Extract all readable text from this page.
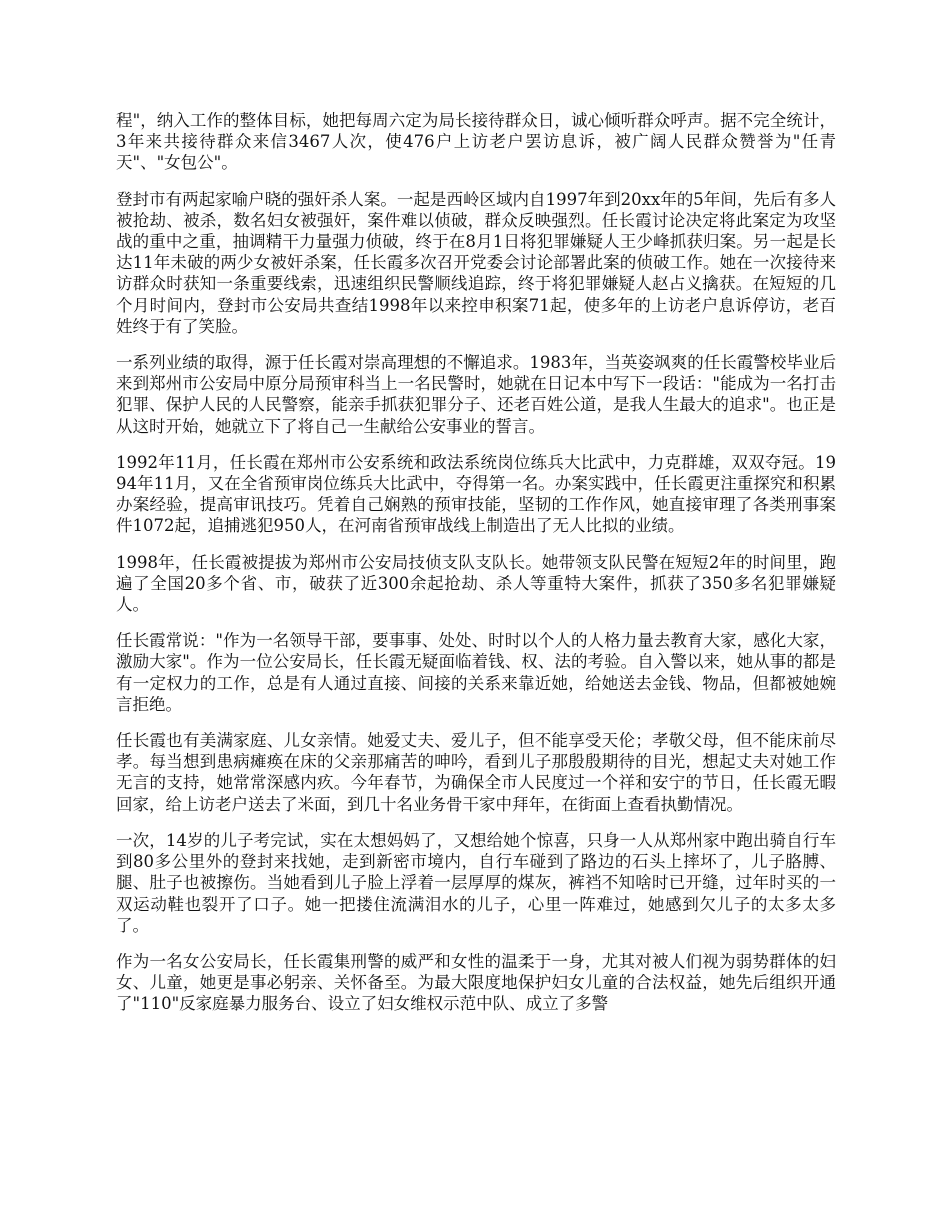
程"，纳入工作的整体目标，她把每周六定为局长接待群众日，诚心倾听群众呼声。据不完全统计，3年来共接待群众来信3467人次，使476户上访老户罢访息诉，被广阔人民群众赞誉为"任青天"、"女包公"。

登封市有两起家喻户晓的强奸杀人案。一起是西岭区域内自1997年到20xx年的5年间，先后有多人被抢劫、被杀，数名妇女被强奸，案件难以侦破，群众反映强烈。任长霞讨论决定将此案定为攻坚战的重中之重，抽调精干力量强力侦破，终于在8月1日将犯罪嫌疑人王少峰抓获归案。另一起是长达11年未破的两少女被奸杀案，任长霞多次召开党委会讨论部署此案的侦破工作。她在一次接待来访群众时获知一条重要线索，迅速组织民警顺线追踪，终于将犯罪嫌疑人赵占义擒获。在短短的几个月时间内，登封市公安局共查结1998年以来控申积案71起，使多年的上访老户息诉停访，老百姓终于有了笑脸。

一系列业绩的取得，源于任长霞对崇高理想的不懈追求。1983年，当英姿飒爽的任长霞警校毕业后来到郑州市公安局中原分局预审科当上一名民警时，她就在日记本中写下一段话："能成为一名打击犯罪、保护人民的人民警察，能亲手抓获犯罪分子、还老百姓公道，是我人生最大的追求"。也正是从这时开始，她就立下了将自己一生献给公安事业的誓言。

1992年11月，任长霞在郑州市公安系统和政法系统岗位练兵大比武中，力克群雄，双双夺冠。1994年11月，又在全省预审岗位练兵大比武中，夺得第一名。办案实践中，任长霞更注重探究和积累办案经验，提高审讯技巧。凭着自己娴熟的预审技能，坚韧的工作作风，她直接审理了各类刑事案件1072起，追捕逃犯950人，在河南省预审战线上制造出了无人比拟的业绩。

1998年，任长霞被提拔为郑州市公安局技侦支队支队长。她带领支队民警在短短2年的时间里，跑遍了全国20多个省、市，破获了近300余起抢劫、杀人等重特大案件，抓获了350多名犯罪嫌疑人。

任长霞常说："作为一名领导干部，要事事、处处、时时以个人的人格力量去教育大家，感化大家，激励大家"。作为一位公安局长，任长霞无疑面临着钱、权、法的考验。自入警以来，她从事的都是有一定权力的工作，总是有人通过直接、间接的关系来靠近她，给她送去金钱、物品，但都被她婉言拒绝。

任长霞也有美满家庭、儿女亲情。她爱丈夫、爱儿子，但不能享受天伦；孝敬父母，但不能床前尽孝。每当想到患病瘫痪在床的父亲那痛苦的呻吟，看到儿子那殷殷期待的目光，想起丈夫对她工作无言的支持，她常常深感内疚。今年春节，为确保全市人民度过一个祥和安宁的节日，任长霞无暇回家，给上访老户送去了米面，到几十名业务骨干家中拜年，在街面上查看执勤情况。

一次，14岁的儿子考完试，实在太想妈妈了，又想给她个惊喜，只身一人从郑州家中跑出骑自行车到80多公里外的登封来找她，走到新密市境内，自行车碰到了路边的石头上摔坏了，儿子胳膊、腿、肚子也被擦伤。当她看到儿子脸上浮着一层厚厚的煤灰，裤裆不知啥时已开缝，过年时买的一双运动鞋也裂开了口子。她一把搂住流满泪水的儿子，心里一阵难过，她感到欠儿子的太多太多了。

作为一名女公安局长，任长霞集刑警的威严和女性的温柔于一身，尤其对被人们视为弱势群体的妇女、儿童，她更是事必躬亲、关怀备至。为最大限度地保护妇女儿童的合法权益，她先后组织开通了"110"反家庭暴力服务台、设立了妇女维权示范中队、成立了多警
